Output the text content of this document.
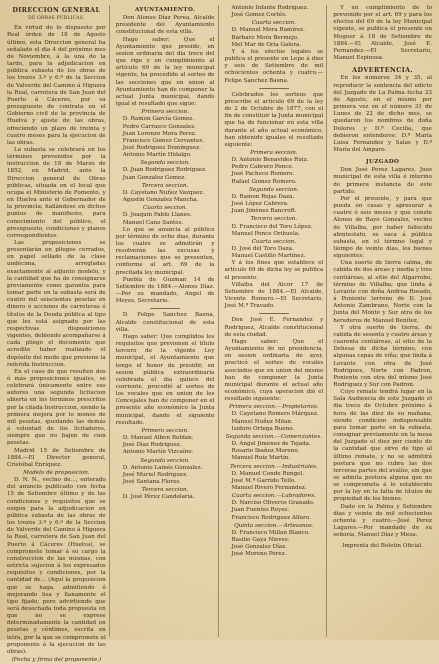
DIRECCION GENERAL
DE OBRAS PÚBLICAS.

En virtud de lo dispuesto por Real órden de 18 de Agosto último, esta Direccion general ha señalado el dia 4 del próximo mes de Noviembre, á la una de la tarde, para la adjudicacion en pública subasta de los obras de los trozos 3.º y 6.º de la Seccion de Valverde del Camino á Higuera la Real, carretera de San Juan del Puerto á Cáceres, por su presupuesto de contrata en el Gobierno civil de la provincia de Huelva y ajuste de las obras, ofreciendo un plazo de treinta y cuatro meses para la ejecucion de las obras.

La subasta se celebrará en los términos prevenidos por la instruccion de 18 de Marzo de 1852, en Madrid, ante la Direccion general de Obras públicas, situada en el local que ocupa el Ministerio de Fomento, y en Huelva ante el Gobernador de la provincia; hallándose en dichos puntos de manifiesto, para conocimiento del público, el presupuesto, condiciones y planos correspondientes.

Las proposiciones se presentarán en pliegos cerrados, en papel sellado de la clase undécima, arregladas exactamente al adjunto modelo, y la cantidad que ha de consignarse previamente como garantía para tomar parte en la subasta será de cuatro mil seiscientas pesetas en dinero ó acciones de carreteras ó títulos de la Deuda pública al tipo que les está asignado por las respectivas disposiciones vigentes, debiendo acompañarse á cada pliego el documento que acredite haber realizado el depósito del modo que previene la referida Instruccion.

En el caso de que resulten dos ó más proposiciones iguales, se celebrará únicamente entre sus autores una segunda licitacion abierta en los términos prescritos por la citada Instruccion, siendo la primera mejora por lo menos de mil pesetas, quedando las demás á voluntad de los licitadores, siempre que no bajen de cien pesetas.

Madrid 15 de Setiembre de 1884.—El Director general, Cristóbal Enríquez.

Modelo de proposicion.

D. N. N., vecino de..., enterado del anuncio publicado con fecha 15 de Setiembre último y de las condiciones y requisitos que se exigen para la adjudicacion en pública subasta de las obras de los trozos 3.º y 6.º de la Seccion de Valverde del Camino á Higuera la Real, carretera de San Juan del Puerto á Cáceres (Huelva), se compromete tomar á su cargo la construccion de las mismas, con estricta sujecion á los expresados requisitos y condiciones, por la cantidad de... (Aquí la proposicion que se haga, admitiendo ó mejorando lisa y llanamente el tipo fijado; pero advirtiendo que será desechada toda propuesta en que no se exprese determinadamente la cantidad en pesetas y céntimos, escrita en letra, por la que se compromete el proponente á la ejecucion de las obras).

(Fecha y firma del proponente.)
AYUNTAMIENTO.

Don Alonso Díaz Perea, Alcalde presidente del Ayuntamiento constitucional de esta villa.

Hago saber: Que el Ayuntamiento que preside, en sesion ordinaria del dia trece del que rige y en cumplimiento al artículo 69 de la ley municipal vigente, ha procedido al sorteo de las secciones que en union al Ayuntamiento han de componer la actual Junta municipal, dando igual el resultado que sigue:

Primera seccion.
D. Ramon García Gomez.
Pedro Carrasco Gonzalez.
Juan Lorenzo Mora Perez.
Francisco Gomez Cervantes.
José Rodriguez Domínguez.
Antonio Martín Hidalgo.
Segunda seccion.
D. Juan Rodriguez Rodriguez.
Juan Gonzalez Gomez.
Tercera seccion.
D. Cayetano Nuñez Vazquez.
Agustin Gonzalez Mancha.
Cuarta seccion.
D. Joaquin Pablo Llanes.
Manuel Cano Santos.

Lo que se anuncia al público por término de ocho dias, durante los cuales se admitirán y resolverán las excusas y reclamaciones que se presenten, conforme al art. 69 de la precitada ley municipal.

Puebla de Guzman 14 de Setiembre de 1884.—Alonso Díaz.—Por su mandado, Angel de Meyes, Secretario.

D. Felipe Sanchez Baena, Alcalde constitucional de esta villa.

Hago saber: Que cumplidos los requisitos que previenen el título tercero de la vigente Ley municipal, el Ayuntamiento que tengo el honor de presidir, en sesion pública extraordinaria celebrada el dia quince del corriente, procedió al sorteo de los vocales que en union de los Concejales han de componer en el presente año económico la Junta municipal, dando el siguiente resultado.

Primera seccion.
D. Manuel Alben Roldan.
José Díaz Rodriguez.
Antonio Martín Vizcaíno.
Segunda seccion.
D. Antonio Lainés Gonzalez.
José Muriel Rodriguez.
José Santana Flores.
Tercera seccion.
D. José Pérez Candelaria.
Antonio Infante Rodriguez.
José Gomez Cortés.
Cuarta seccion.
D. Manuel Mora Ramírez.
Bárbaro Mora Bermejo.
Mel Mar de Oria Galera.

Y á los efectos legales se publica el presente en Lepe á diez y seis de Setiembre de mil ochocientos ochenta y cuatro.—Felipe Sanchez Baena.

Celebrados los sorteos que prescribe el artículo 69 de la ley de 2 de Octubre de 1877, con el fin de constituir la Junta municipal que ha de funcionar en esta villa durante el año actual económico, han obtenido iguales el resultado siguiente:

Primera seccion.
D. Antonio Benavides Ruiz.
Pedro Cabrero Ponce.
José Pacheco Romero.
Rafael Gomez Romero.
Segunda seccion.
D. Ramon Rojas Daza.
José López Cabrera.
Juan Jiménez Bancroft.
Tercera seccion.
D. Francisco del Toro López.
Manuel Ponce Orihuela.
Cuarta seccion.
D. José del Toro Daza.
Manuel Castillo Martínez.

Y á los fines que establece el artículo 69 de dicha ley se publica el presente.

Villalba del Alcor 17 de Setiembre de 1884.—El Alcalde, Vicente Romero.—El Secretario, José M.ª Travado.

Don José E. Fernandez y Rodriguez, Alcalde constitucional de esta ciudad.

Hago saber: Que el Ayuntamiento de mi presidencia, en sesion ordinaria de ayer, practicó el sorteo de vocales asociados que en union del mismo han de componer la Junta municipal durante el actual año económico, cuya operacion dió el resultado siguiente:

Primera seccion.—Propietarios.
D. Cayetano Romero Márquez.
Manuel Nuñez Milan.
Isidoro Ortega Bueno.
Segunda seccion.—Comerciantes.
D. Angel Jimenez de Tejada.
Rosario Ibañez Moreno.
Manuel Ruiz Martín.
Tercera seccion.—Industriales.
D. Manuel Conde Rengel.
José M.ª Garrido Tello.
Manuel Rivero Fernandez.
Cuarta seccion.—Labradores.
D. Narciso Oliveros Granado.
Juan Fuentes Reyes.
Francisco Rodriguez Alfaro.
Quinta seccion.—Artesanos.
D. Francisco Millan Blanco.
Basilio Gaya Nieves.
José Gonzalez Díaz.
José Moreno Perez.

Y en cumplimiento de lo prevenido por el art. 69 y para los efectos del 69 de la ley Municipal vigente, se publica el presente en Moguer á 18 de Setiembre de 1884.—El Alcalde, José E. Fernandez.—El Secretario, Manuel Espinosa.

ADVERTENCIA.

En los números 34 y 35, al reproducir la sentencia del edicto del Juzgado de La Palma fecha 23 de Agosto, en el mismo por primera vez en el número 31 de Lunes de 22 de dicho mes, se quedaron los nombres de doña Dolores y D.ª Cecilia, que debieron entenderse: D.ª María Luisa Fernandez y Salas y D.ª María del Amparo.

JUZGADO

Don José Perez Lagares, Juez municipal de esta villa é interino de primera instancia de este partido.

Por el presente, y para que pueda en casas y apresurar a cuatro ó seis meses y que conste Alonso de Bayo Gonzalez, vecino de Villalba, por haber fallecido abintestato, se saca á pública subasta, en el térmno legal y tiempo de veinte dias, los bienes siguientes:

Una suerte de tierra calma, de cabida de dos áreas y media y tres centiáreas, al sitio del Algarrobo, término de Villalba; que linda á Levante con doña Andrea Rosado, á Poniente terreno de D. José Antonio Zambrano, Norte con la Junta del Monte y Sur otra de los herederos de Manuel Benítez.

Y otra suerte de tierra, de cabida de sesenta y cuatro áreas y cuarenta centiáreas, al sitio de la Dehesa de dicha término, con algunas cepas de viña; que linda á Levante con otra de José Rodriguez, Norte con Padron, Poniente con otra del mismo José Rodriguez y Sur con Padron.

Cuyo remate tendrá lugar en la Sala Audiencia de este Juzgado el dia trece de Octubre próximo á hora de las diez de su mañana, siendo condicion indispensable para tomar parte en la subasta, consignar previamente en la mesa del Juzgado el diez por ciento de la cantidad que sirve de tipo al último remate, y no se admitirá postura que no cubra las dos terceras partes del avalúo, sin que se admita postura alguna que no se comprometa á lo establecido por la ley en la falta de títulos de propiedad de los bienes.

Dado en la Palma y Setiembre dias y veinte de mil ochocientos ochenta y cuatro.—José Perez Lagares.—Por mandado de su señoría, Manuel Díaz y Mesa.

Imprenta del Boletin Oficial.
